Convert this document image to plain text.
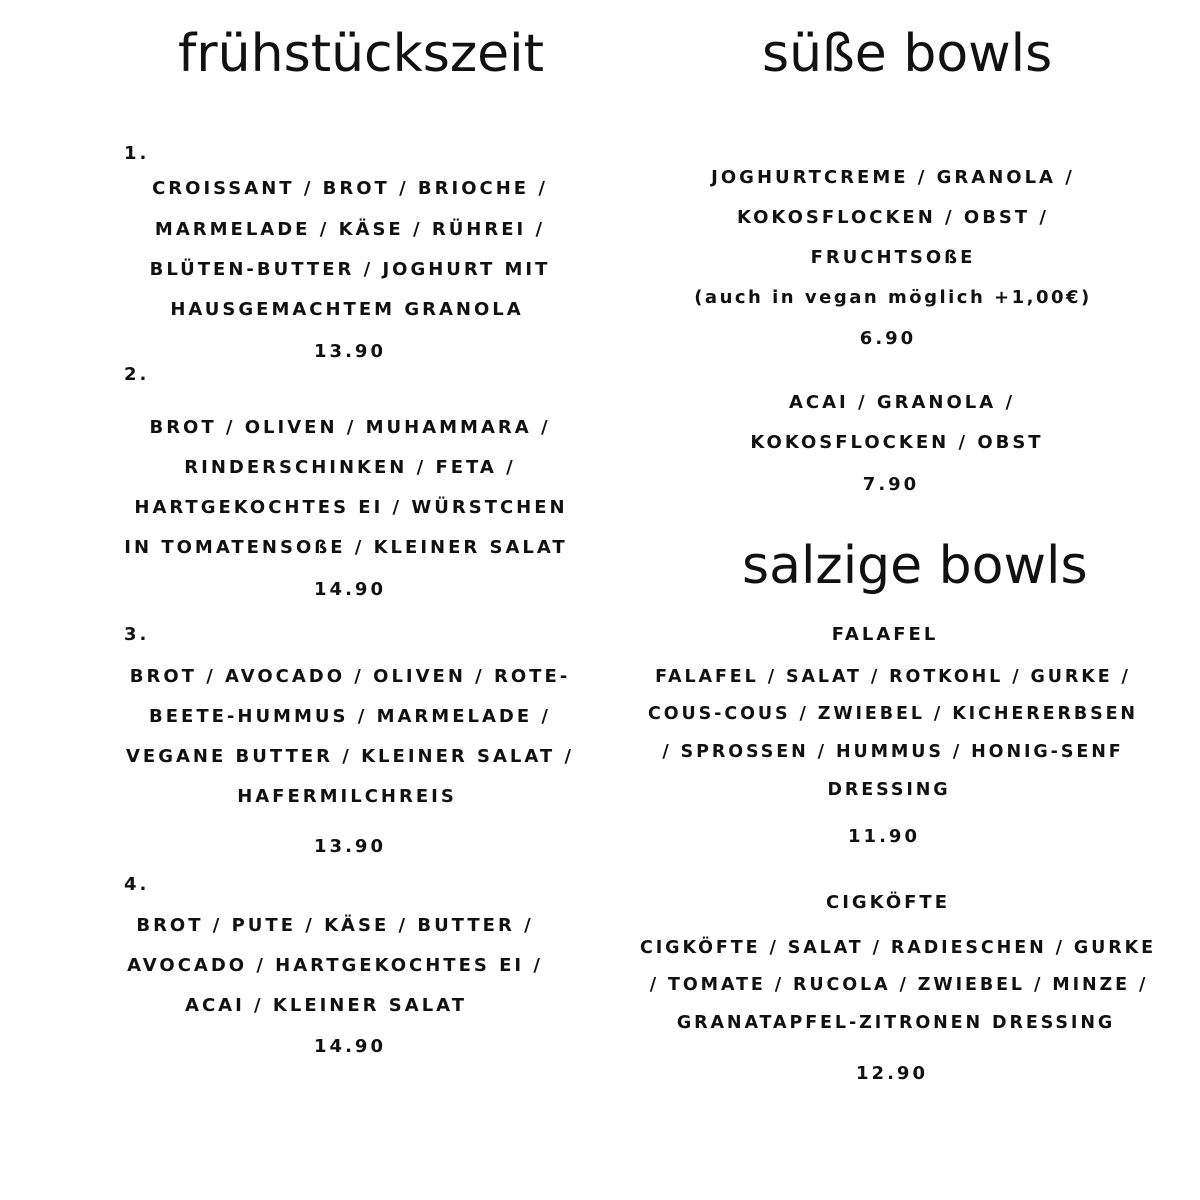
frühstückszeit
1.
CROISSANT / BROT / BRIOCHE /
MARMELADE / KÄSE / RÜHREI /
BLÜTEN-BUTTER / JOGHURT MIT
HAUSGEMACHTEM GRANOLA
13.90
2.
BROT / OLIVEN / MUHAMMARA /
RINDERSCHINKEN / FETA /
HARTGEKOCHTES EI / WÜRSTCHEN
IN TOMATENSOßE / KLEINER SALAT
14.90
3.
BROT / AVOCADO / OLIVEN / ROTE-
BEETE-HUMMUS / MARMELADE /
VEGANE BUTTER / KLEINER SALAT /
HAFERMILCHREIS
13.90
4.
BROT / PUTE / KÄSE / BUTTER /
AVOCADO / HARTGEKOCHTES EI /
ACAI / KLEINER SALAT
14.90
süße bowls
JOGHURTCREME / GRANOLA /
KOKOSFLOCKEN / OBST /
FRUCHTSOßE
(auch in vegan möglich +1,00€)
6.90
ACAI / GRANOLA /
KOKOSFLOCKEN / OBST
7.90
salzige bowls
FALAFEL
FALAFEL / SALAT / ROTKOHL / GURKE /
COUS-COUS / ZWIEBEL / KICHERERBSEN
/ SPROSSEN / HUMMUS / HONIG-SENF
DRESSING
11.90
CIGKÖFTE
CIGKÖFTE / SALAT / RADIESCHEN / GURKE
/ TOMATE / RUCOLA / ZWIEBEL / MINZE /
GRANATAPFEL-ZITRONEN DRESSING
12.90
